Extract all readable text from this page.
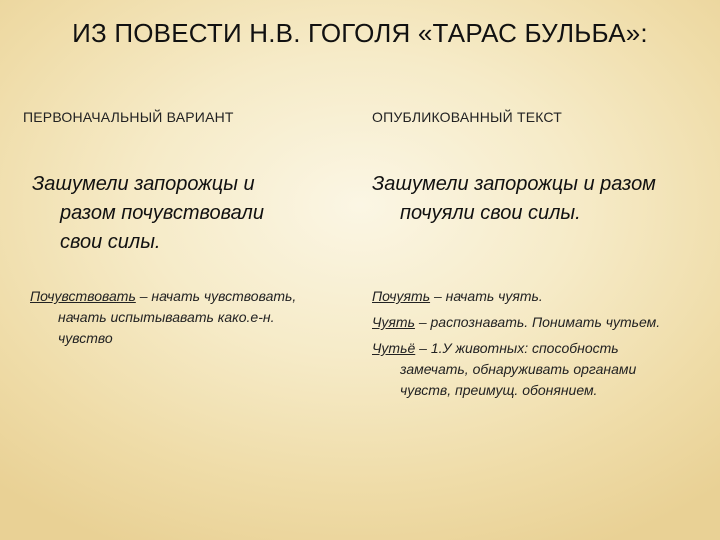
ИЗ ПОВЕСТИ Н.В. ГОГОЛЯ «ТАРАС БУЛЬБА»:
ПЕРВОНАЧАЛЬНЫЙ ВАРИАНТ	ОПУБЛИКОВАННЫЙ ТЕКСТ

Зашумели запорожцы и
разом почувствовали
свои силы.

Зашумели запорожцы и разом
почуяли свои силы.

Почувствовать – начать чувствовать,
начать испытывавать како.е-н.
чувство

Почуять – начать чуять.
Чуять – распознавать. Понимать чутьем.
Чутьё – 1.У животных: способность
замечать, обнаруживать органами
чувств, преимущ. обонянием.
